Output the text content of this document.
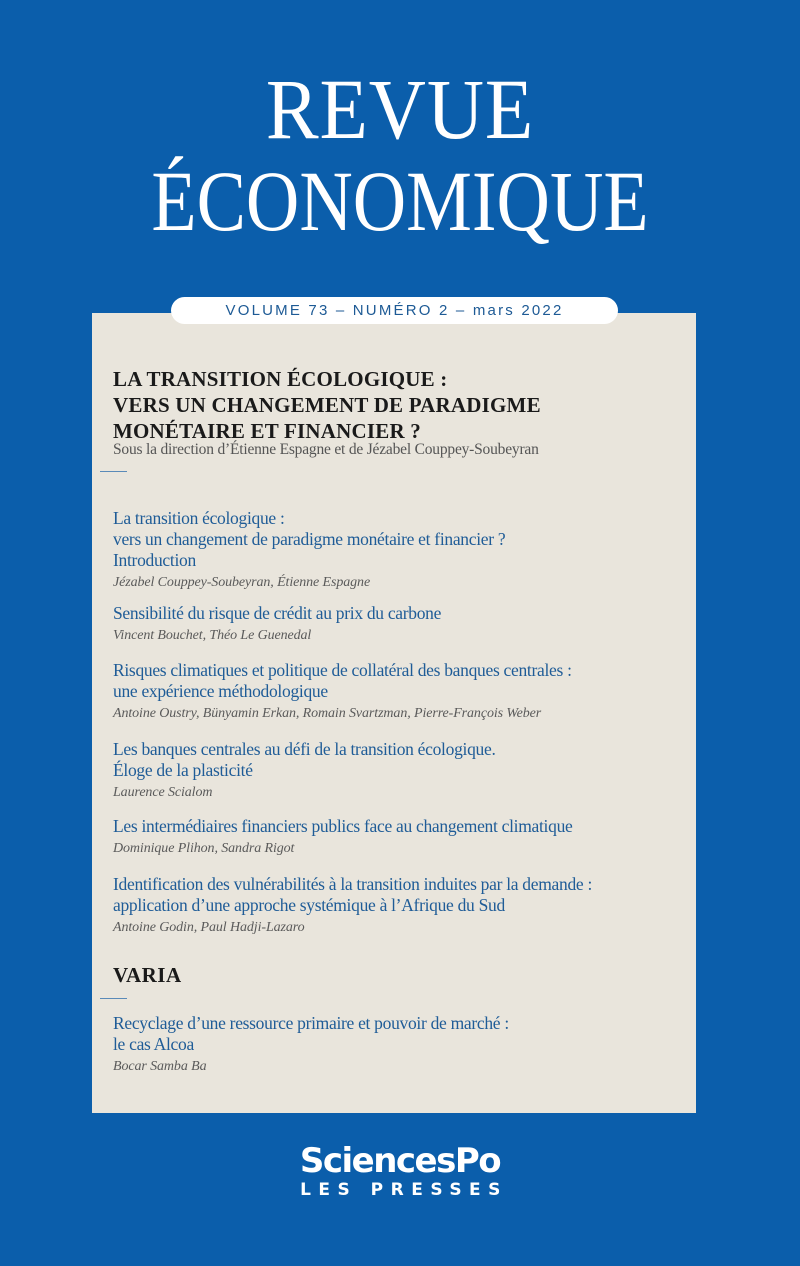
REVUE
ÉCONOMIQUE
VOLUME 73 – NUMÉRO 2 – mars 2022
LA TRANSITION ÉCOLOGIQUE :
VERS UN CHANGEMENT DE PARADIGME
MONÉTAIRE ET FINANCIER ?
Sous la direction d’Étienne Espagne et de Jézabel Couppey-Soubeyran
La transition écologique :
vers un changement de paradigme monétaire et financier ?
Introduction
Jézabel Couppey-Soubeyran, Étienne Espagne
Sensibilité du risque de crédit au prix du carbone
Vincent Bouchet, Théo Le Guenedal
Risques climatiques et politique de collatéral des banques centrales :
une expérience méthodologique
Antoine Oustry, Bünyamin Erkan, Romain Svartzman, Pierre-François Weber
Les banques centrales au défi de la transition écologique.
Éloge de la plasticité
Laurence Scialom
Les intermédiaires financiers publics face au changement climatique
Dominique Plihon, Sandra Rigot
Identification des vulnérabilités à la transition induites par la demande :
application d’une approche systémique à l’Afrique du Sud
Antoine Godin, Paul Hadji-Lazaro
VARIA
Recyclage d’une ressource primaire et pouvoir de marché :
le cas Alcoa
Bocar Samba Ba
SciencesPo
LES PRESSES
